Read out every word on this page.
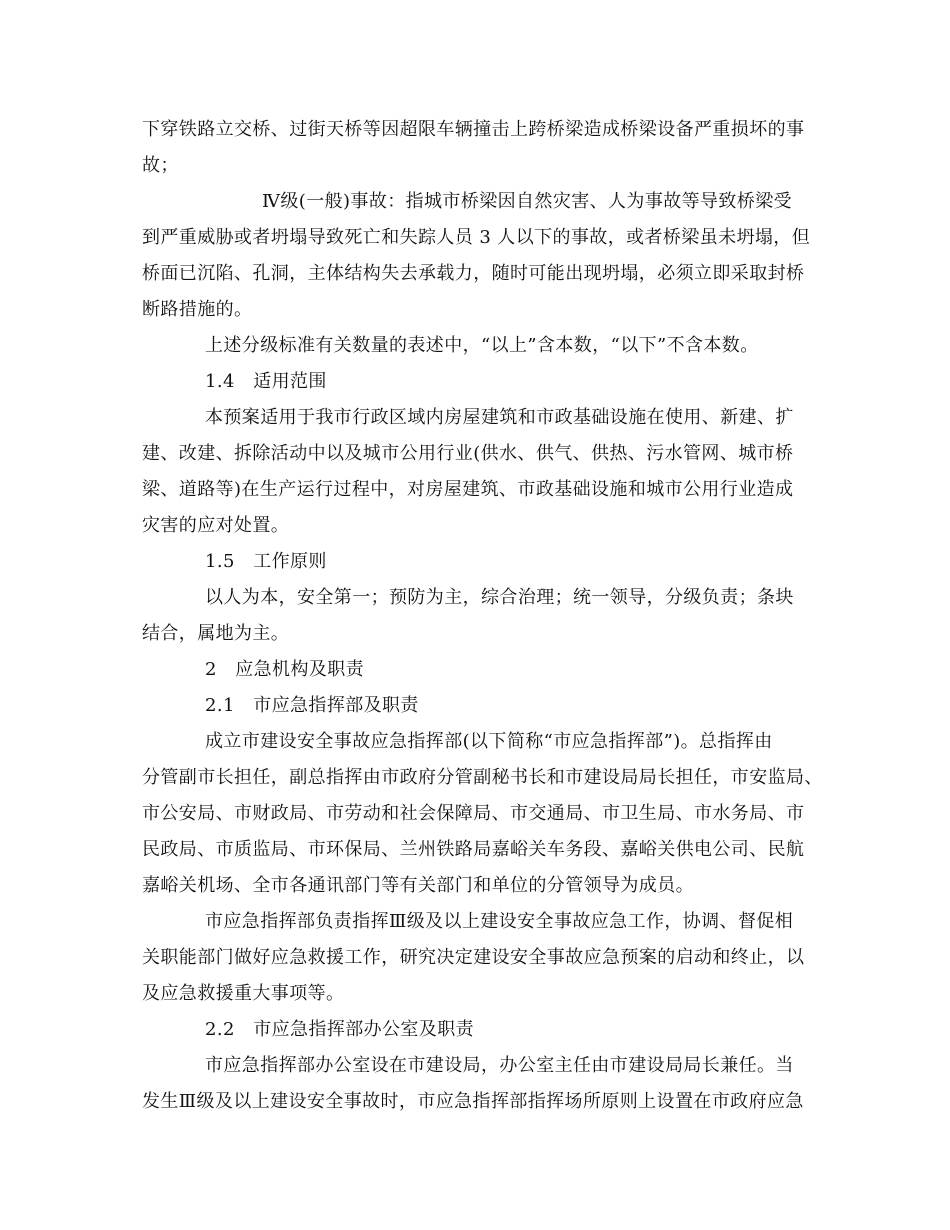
下穿铁路立交桥、过街天桥等因超限车辆撞击上跨桥梁造成桥梁设备严重损坏的事
故；
Ⅳ级(一般)事故：指城市桥梁因自然灾害、人为事故等导致桥梁受
到严重威胁或者坍塌导致死亡和失踪人员 3 人以下的事故，或者桥梁虽未坍塌，但
桥面已沉陷、孔洞，主体结构失去承载力，随时可能出现坍塌，必须立即采取封桥
断路措施的。
上述分级标准有关数量的表述中，“以上”含本数，“以下”不含本数。
1.4　适用范围
本预案适用于我市行政区域内房屋建筑和市政基础设施在使用、新建、扩
建、改建、拆除活动中以及城市公用行业(供水、供气、供热、污水管网、城市桥
梁、道路等)在生产运行过程中，对房屋建筑、市政基础设施和城市公用行业造成
灾害的应对处置。
1.5　工作原则
以人为本，安全第一；预防为主，综合治理；统一领导，分级负责；条块
结合，属地为主。
2　应急机构及职责
2.1　市应急指挥部及职责
成立市建设安全事故应急指挥部(以下简称“市应急指挥部”)。总指挥由
分管副市长担任，副总指挥由市政府分管副秘书长和市建设局局长担任，市安监局、
市公安局、市财政局、市劳动和社会保障局、市交通局、市卫生局、市水务局、市
民政局、市质监局、市环保局、兰州铁路局嘉峪关车务段、嘉峪关供电公司、民航
嘉峪关机场、全市各通讯部门等有关部门和单位的分管领导为成员。
市应急指挥部负责指挥Ⅲ级及以上建设安全事故应急工作，协调、督促相
关职能部门做好应急救援工作，研究决定建设安全事故应急预案的启动和终止，以
及应急救援重大事项等。
2.2　市应急指挥部办公室及职责
市应急指挥部办公室设在市建设局，办公室主任由市建设局局长兼任。当
发生Ⅲ级及以上建设安全事故时，市应急指挥部指挥场所原则上设置在市政府应急
